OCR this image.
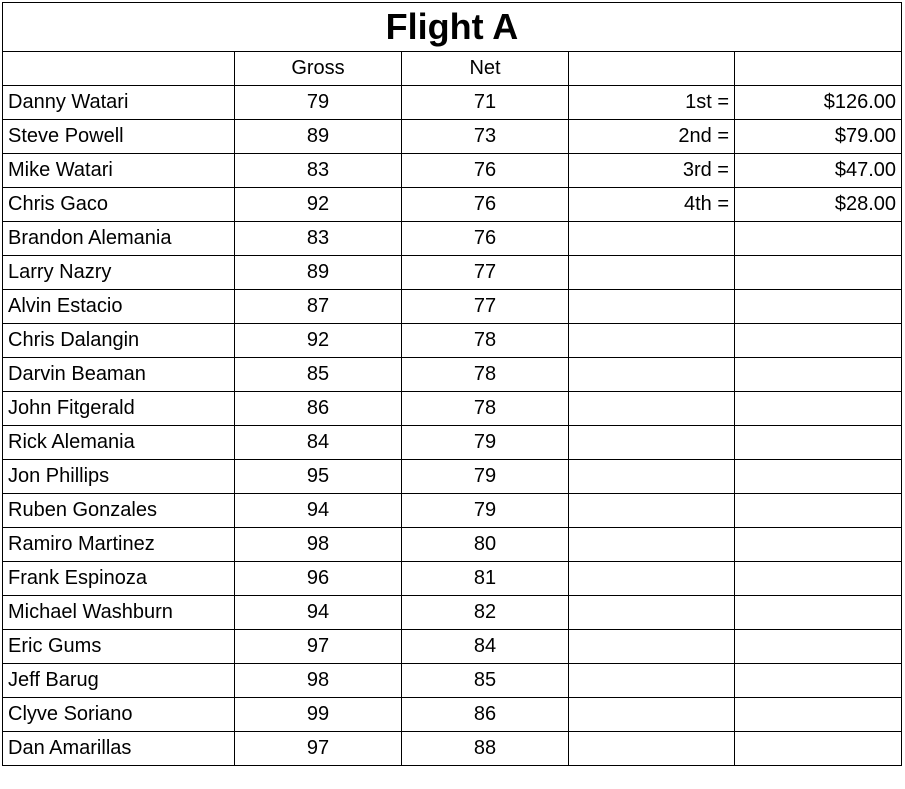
Flight A				
	Gross	Net		
Danny Watari	79	71	1st =	$126.00
Steve Powell	89	73	2nd =	$79.00
Mike Watari	83	76	3rd =	$47.00
Chris Gaco	92	76	4th =	$28.00
Brandon Alemania	83	76		
Larry Nazry	89	77		
Alvin Estacio	87	77		
Chris Dalangin	92	78		
Darvin Beaman	85	78		
John Fitgerald	86	78		
Rick Alemania	84	79		
Jon Phillips	95	79		
Ruben Gonzales	94	79		
Ramiro Martinez	98	80		
Frank Espinoza	96	81		
Michael Washburn	94	82		
Eric Gums	97	84		
Jeff Barug	98	85		
Clyve Soriano	99	86		
Dan Amarillas	97	88		
